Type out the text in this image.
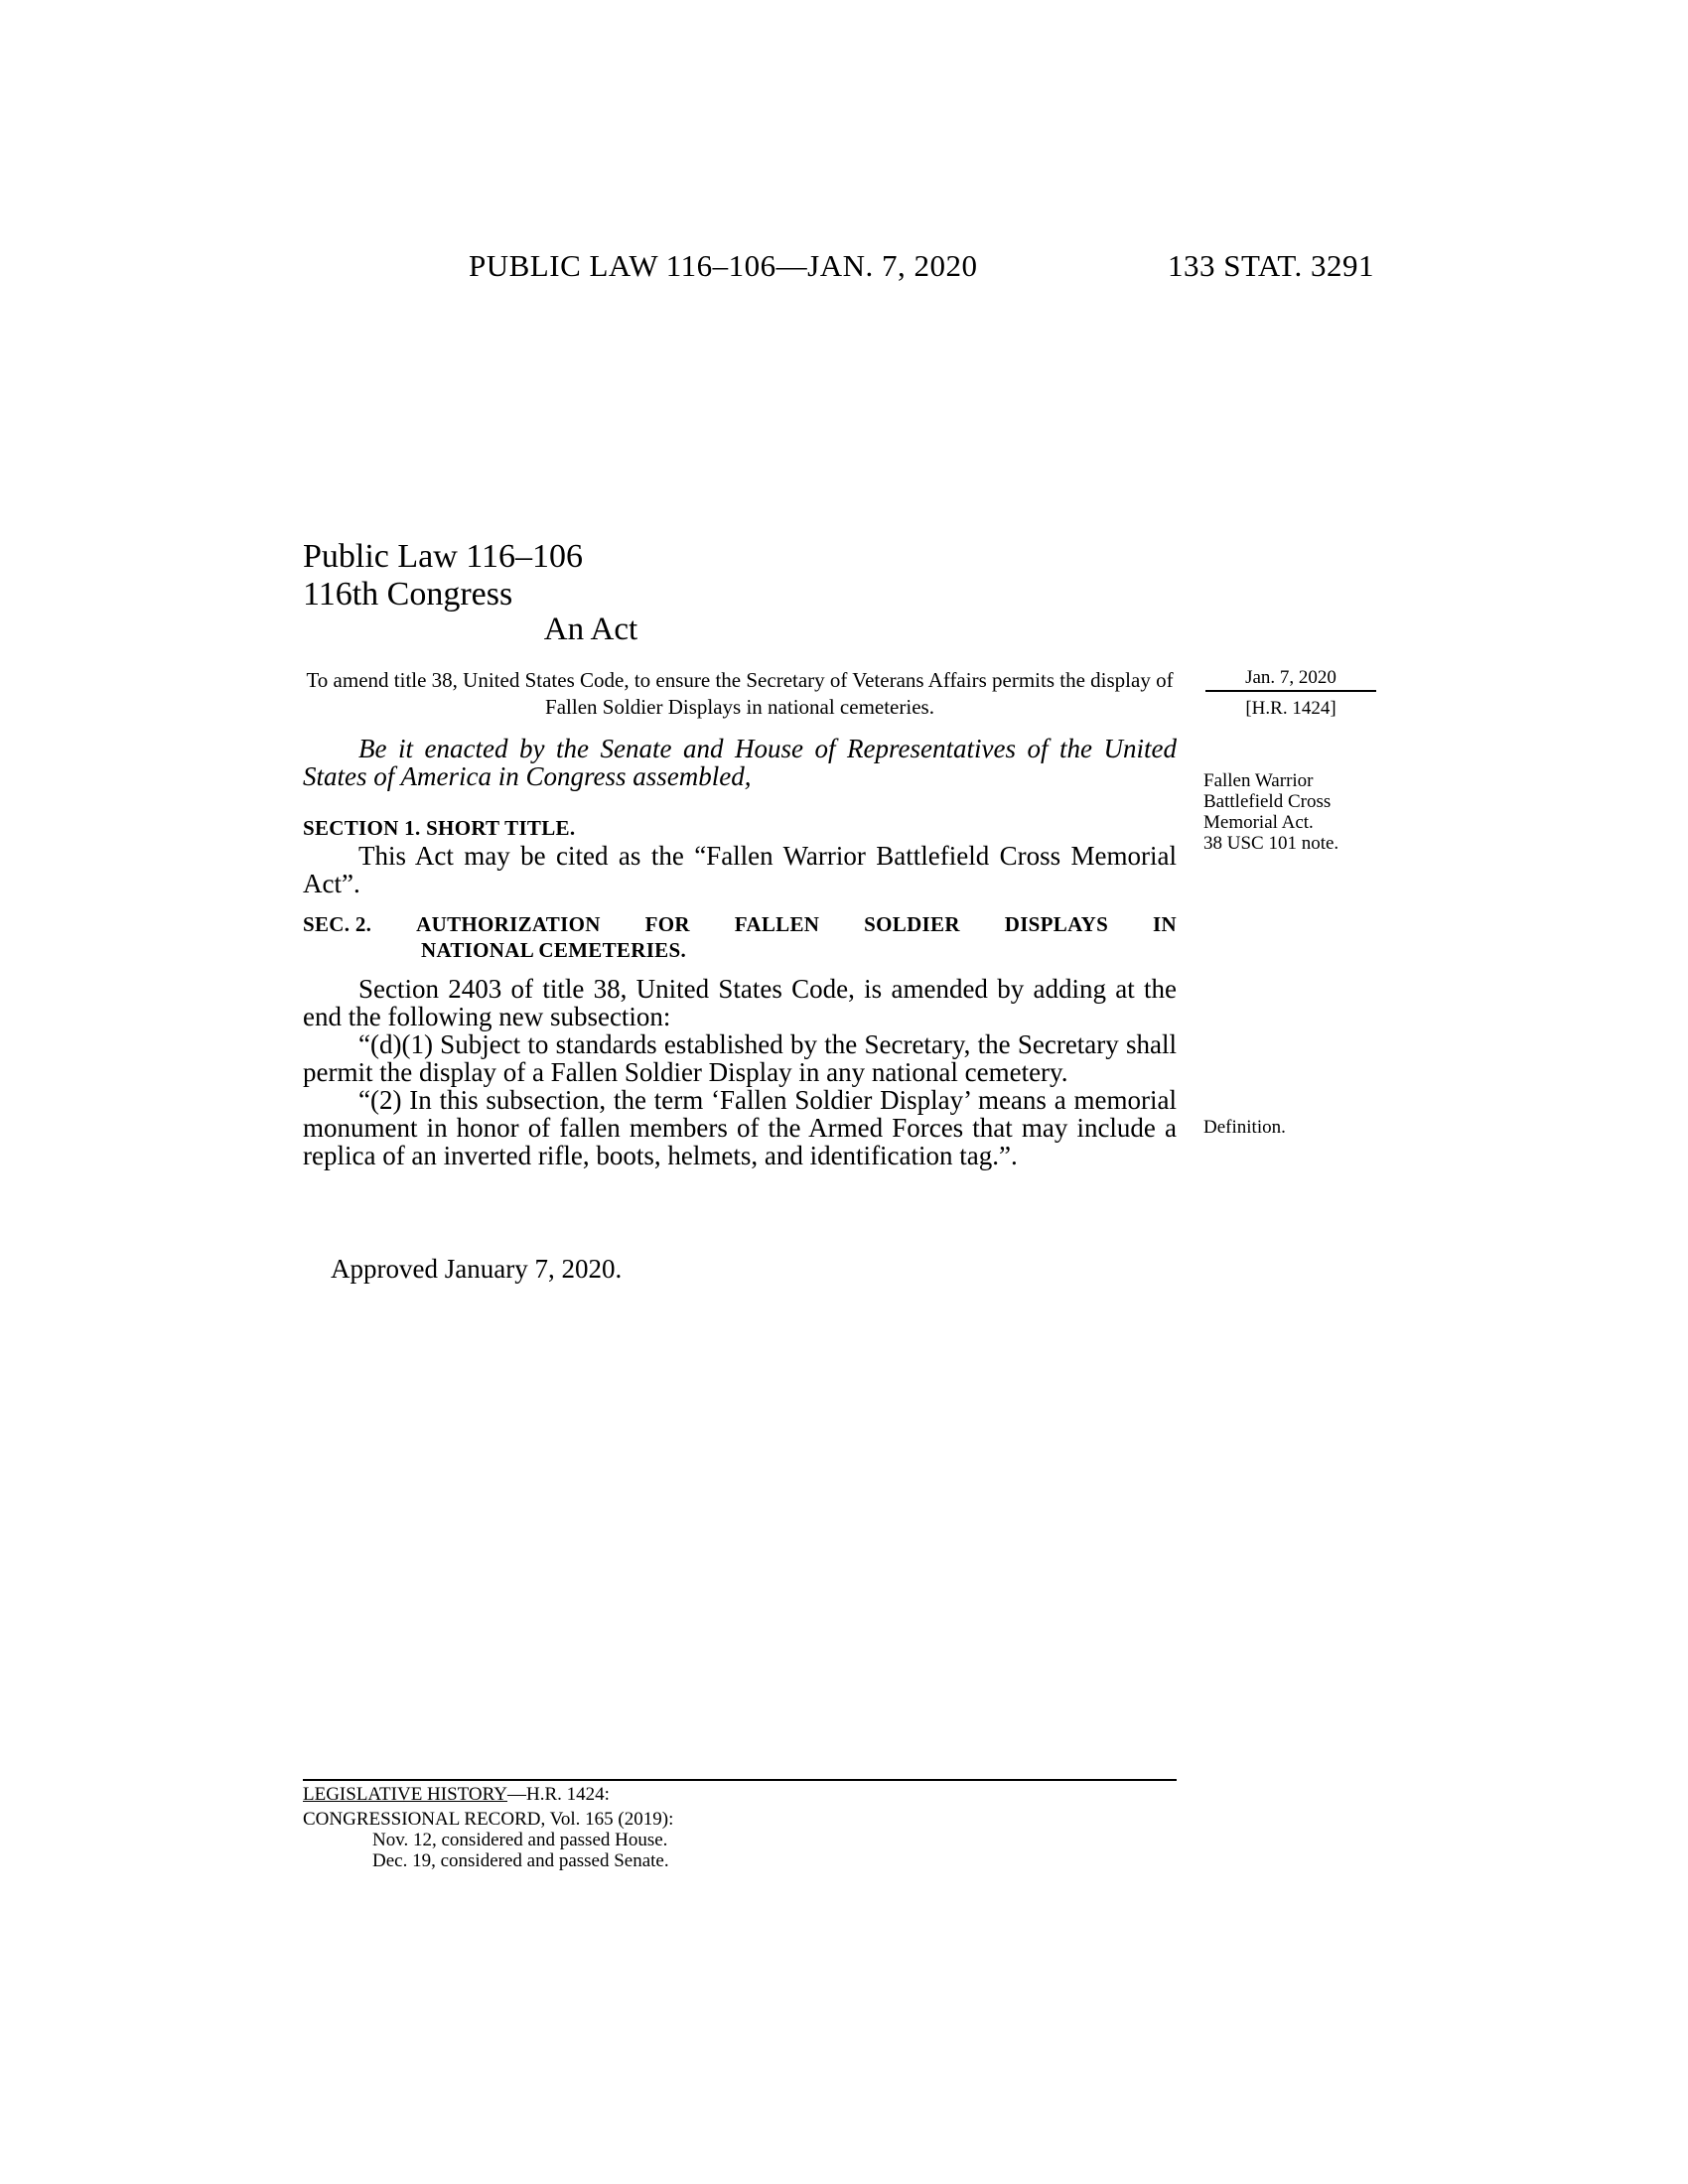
PUBLIC LAW 116–106—JAN. 7, 2020	133 STAT. 3291
Public Law 116–106
116th Congress
An Act
To amend title 38, United States Code, to ensure the Secretary of Veterans Affairs permits the display of Fallen Soldier Displays in national cemeteries.

Be it enacted by the Senate and House of Representatives of the United States of America in Congress assembled,

SECTION 1. SHORT TITLE.

This Act may be cited as the “Fallen Warrior Battlefield Cross Memorial Act”.

SEC. 2. AUTHORIZATION FOR FALLEN SOLDIER DISPLAYS IN
NATIONAL CEMETERIES.

Section 2403 of title 38, United States Code, is amended by adding at the end the following new subsection:

“(d)(1) Subject to standards established by the Secretary, the Secretary shall permit the display of a Fallen Soldier Display in any national cemetery.

“(2) In this subsection, the term ‘Fallen Soldier Display’ means a memorial monument in honor of fallen members of the Armed Forces that may include a replica of an inverted rifle, boots, helmets, and identification tag.”.

Approved January 7, 2020.
Jan. 7, 2020
[H.R. 1424]
Fallen Warrior
Battlefield Cross
Memorial Act.
38 USC 101 note.
Definition.
LEGISLATIVE HISTORY—H.R. 1424:
CONGRESSIONAL RECORD, Vol. 165 (2019):
Nov. 12, considered and passed House.
Dec. 19, considered and passed Senate.
